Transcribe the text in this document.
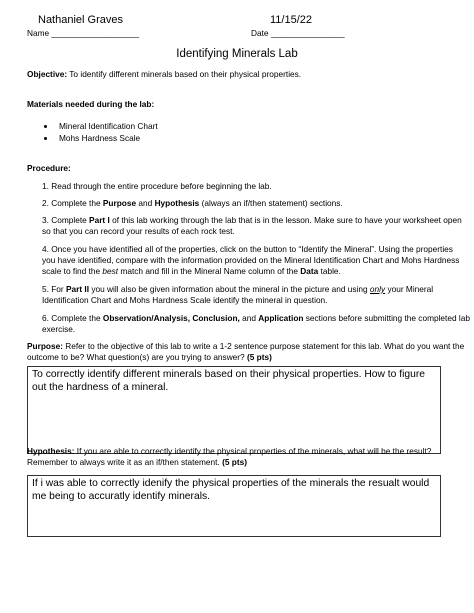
Nathaniel Graves	11/15/22
Name ___________________	Date ________________
Identifying Minerals Lab
Objective: To identify different minerals based on their physical properties.
Materials needed during the lab:
Mineral Identification Chart
Mohs Hardness Scale
Procedure:
1. Read through the entire procedure before beginning the lab.
2. Complete the Purpose and Hypothesis (always an if/then statement) sections.
3. Complete Part I of this lab working through the lab that is in the lesson. Make sure to have your worksheet open
so that you can record your results of each rock test.
4. Once you have identified all of the properties, click on the button to “Identify the Mineral”. Using the properties
you have identified, compare with the information provided on the Mineral Identification Chart and Mohs Hardness
scale to find the best match and fill in the Mineral Name column of the Data table.
5. For Part II you will also be given information about the mineral in the picture and using only your Mineral
Identification Chart and Mohs Hardness Scale identify the mineral in question.
6. Complete the Observation/Analysis, Conclusion, and Application sections before submitting the completed lab
exercise.
Purpose: Refer to the objective of this lab to write a 1-2 sentence purpose statement for this lab. What do you want the
outcome to be? What question(s) are you trying to answer? (5 pts)
To correctly identify different minerals based on their physical properties. How to figure out the hardness of a mineral.
Hypothesis: If you are able to correctly identify the physical properties of the minerals, what will be the result?
Remember to always write it as an if/then statement. (5 pts)
If i was able to correctly idenify the physical properties of the minerals the resualt would me being to accuratly identify minerals.
